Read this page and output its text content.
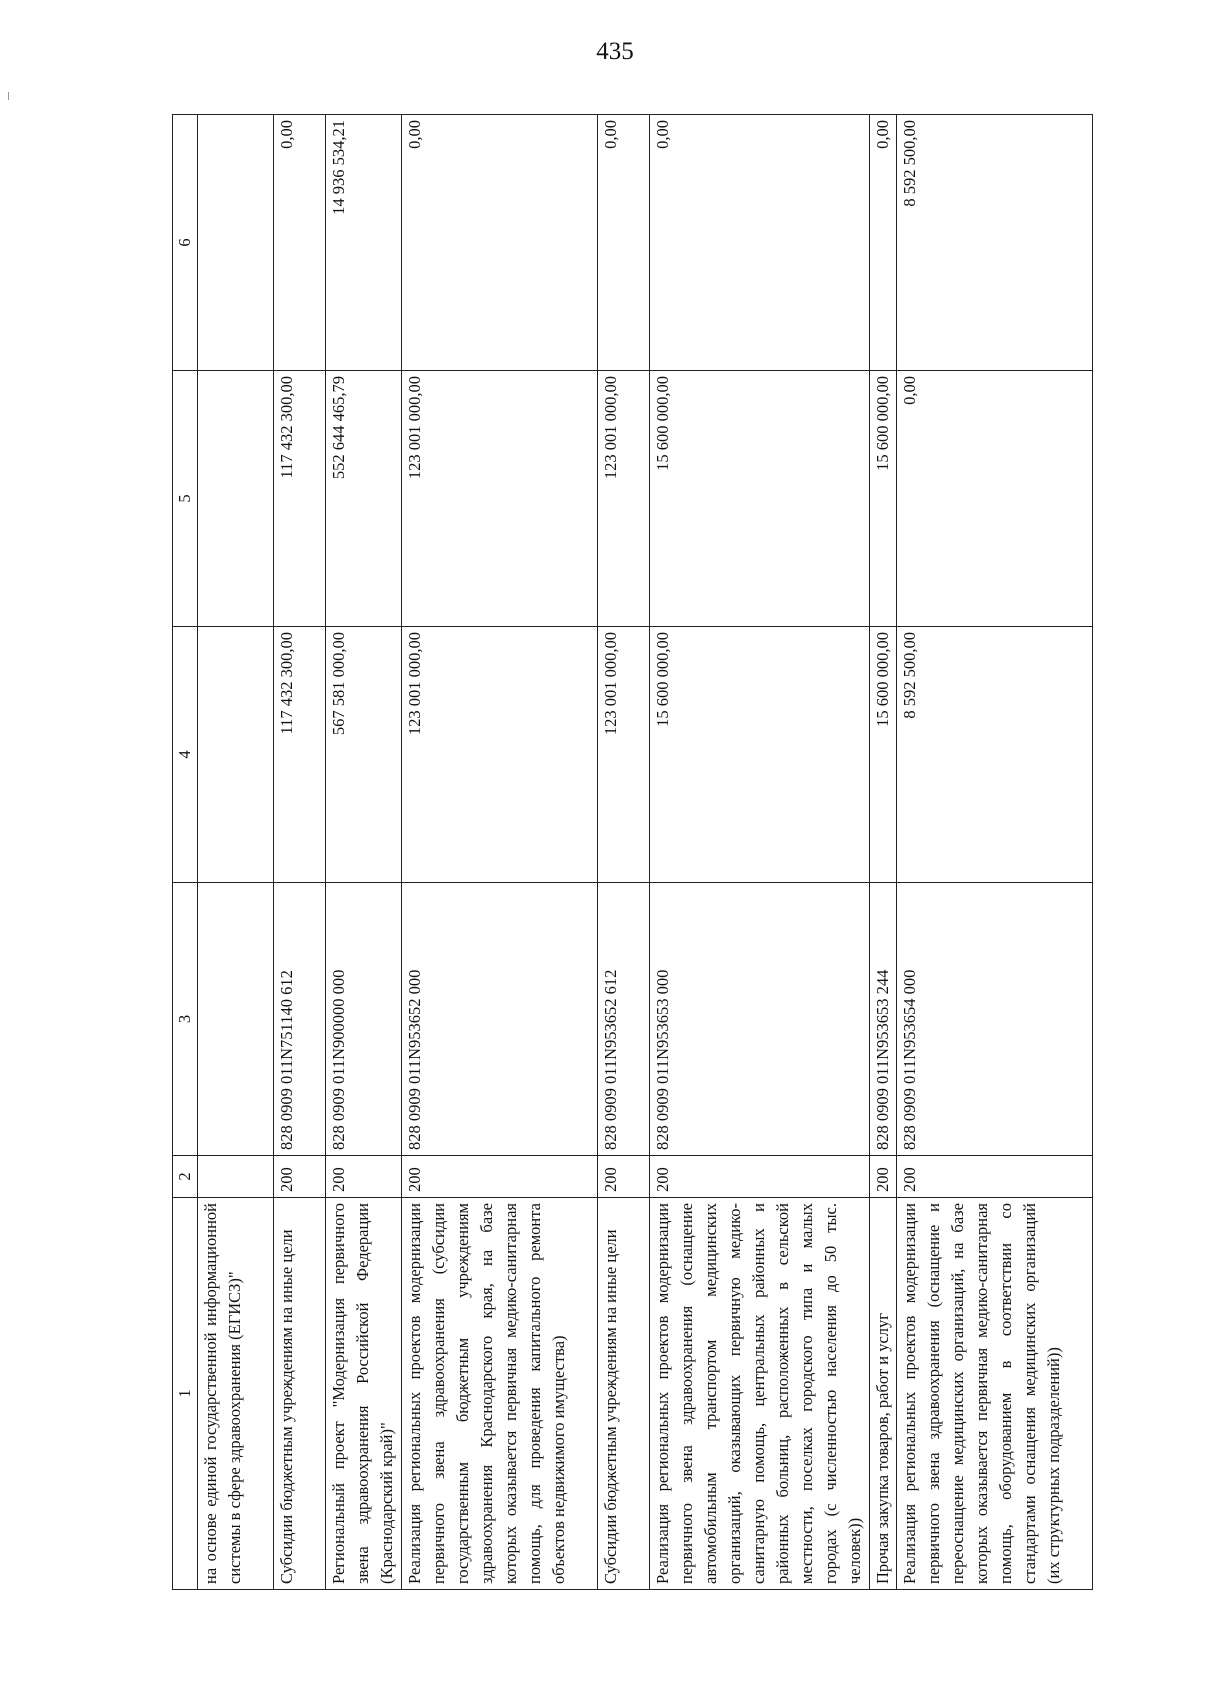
435
1	2	3	4	5	6
на основе единой государственной информационной системы в сфере здравоохранения (ЕГИСЗ)"					
Субсидии бюджетным учреждениям на иные цели	200	828 0909 011N751140 612	117 432 300,00	117 432 300,00	0,00
Региональный проект "Модернизация первичного звена здравоохранения Российской Федерации (Краснодарский край)"	200	828 0909 011N900000 000	567 581 000,00	552 644 465,79	14 936 534,21
Реализация региональных проектов модернизации первичного звена здравоохранения (субсидии государственным бюджетным учреждениям здравоохранения Краснодарского края, на базе которых оказывается первичная медико-санитарная помощь, для проведения капитального ремонта объектов недвижимого имущества)	200	828 0909 011N953652 000	123 001 000,00	123 001 000,00	0,00
Субсидии бюджетным учреждениям на иные цели	200	828 0909 011N953652 612	123 001 000,00	123 001 000,00	0,00
Реализация региональных проектов модернизации первичного звена здравоохранения (оснащение автомобильным транспортом медицинских организаций, оказывающих первичную медико-санитарную помощь, центральных районных и районных больниц, расположенных в сельской местности, поселках городского типа и малых городах (с численностью населения до 50 тыс. человек))	200	828 0909 011N953653 000	15 600 000,00	15 600 000,00	0,00
Прочая закупка товаров, работ и услуг	200	828 0909 011N953653 244	15 600 000,00	15 600 000,00	0,00
Реализация региональных проектов модернизации первичного звена здравоохранения (оснащение и переоснащение медицинских организаций, на базе которых оказывается первичная медико-санитарная помощь, оборудованием в соответствии со стандартами оснащения медицинских организаций (их структурных подразделений))	200	828 0909 011N953654 000	8 592 500,00	0,00	8 592 500,00
